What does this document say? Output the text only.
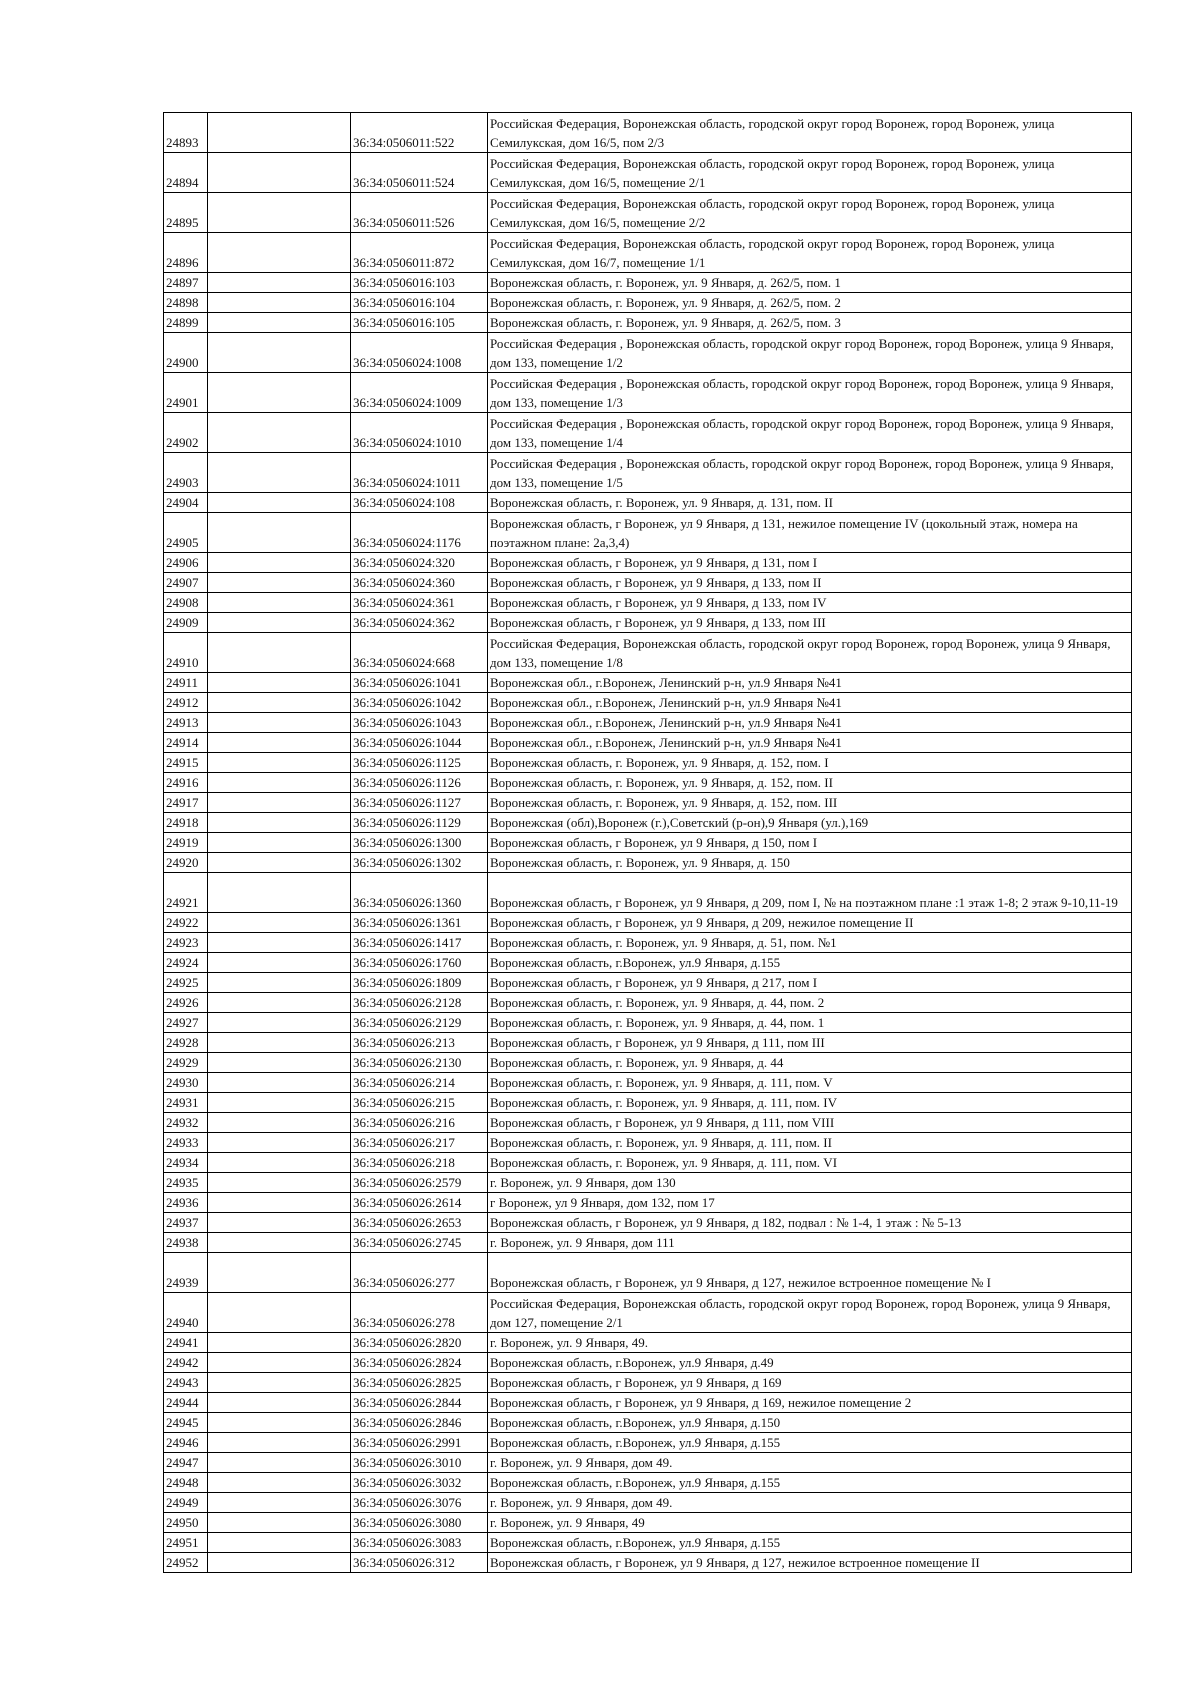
24893		36:34:0506011:522	Российская Федерация, Воронежская область, городской округ город Воронеж, город Воронеж, улица Семилукская, дом 16/5, пом 2/3
24894		36:34:0506011:524	Российская Федерация, Воронежская область, городской округ город Воронеж, город Воронеж, улица Семилукская, дом 16/5, помещение 2/1
24895		36:34:0506011:526	Российская Федерация, Воронежская область, городской округ город Воронеж, город Воронеж, улица Семилукская, дом 16/5, помещение 2/2
24896		36:34:0506011:872	Российская Федерация, Воронежская область, городской округ город Воронеж, город Воронеж, улица Семилукская, дом 16/7, помещение 1/1
24897		36:34:0506016:103	Воронежская область, г. Воронеж, ул. 9 Января, д. 262/5, пом. 1
24898		36:34:0506016:104	Воронежская область, г. Воронеж, ул. 9 Января, д. 262/5, пом. 2
24899		36:34:0506016:105	Воронежская область, г. Воронеж, ул. 9 Января, д. 262/5, пом. 3
24900		36:34:0506024:1008	Российская Федерация , Воронежская область, городской округ город Воронеж, город Воронеж, улица 9 Января, дом 133, помещение 1/2
24901		36:34:0506024:1009	Российская Федерация , Воронежская область, городской округ город Воронеж, город Воронеж, улица 9 Января, дом 133, помещение 1/3
24902		36:34:0506024:1010	Российская Федерация , Воронежская область, городской округ город Воронеж, город Воронеж, улица 9 Января, дом 133, помещение 1/4
24903		36:34:0506024:1011	Российская Федерация , Воронежская область, городской округ город Воронеж, город Воронеж, улица 9 Января, дом 133, помещение 1/5
24904		36:34:0506024:108	Воронежская область, г. Воронеж, ул. 9 Января, д. 131, пом. II
24905		36:34:0506024:1176	Воронежская область, г Воронеж, ул 9 Января, д 131, нежилое помещение IV (цокольный этаж, номера на поэтажном плане: 2а,3,4)
24906		36:34:0506024:320	Воронежская область, г Воронеж, ул 9 Января, д 131, пом I
24907		36:34:0506024:360	Воронежская область, г Воронеж, ул 9 Января, д 133, пом II
24908		36:34:0506024:361	Воронежская область, г Воронеж, ул 9 Января, д 133, пом IV
24909		36:34:0506024:362	Воронежская область, г Воронеж, ул 9 Января, д 133, пом III
24910		36:34:0506024:668	Российская Федерация, Воронежская область, городской округ город Воронеж, город Воронеж, улица 9 Января, дом 133, помещение 1/8
24911		36:34:0506026:1041	Воронежская обл., г.Воронеж, Ленинский р-н, ул.9 Января №41
24912		36:34:0506026:1042	Воронежская обл., г.Воронеж, Ленинский р-н, ул.9 Января №41
24913		36:34:0506026:1043	Воронежская обл., г.Воронеж, Ленинский р-н, ул.9 Января №41
24914		36:34:0506026:1044	Воронежская обл., г.Воронеж, Ленинский р-н, ул.9 Января №41
24915		36:34:0506026:1125	Воронежская область, г. Воронеж, ул. 9 Января, д. 152, пом. I
24916		36:34:0506026:1126	Воронежская область, г. Воронеж, ул. 9 Января, д. 152, пом. II
24917		36:34:0506026:1127	Воронежская область, г. Воронеж, ул. 9 Января, д. 152, пом. III
24918		36:34:0506026:1129	Воронежская (обл),Воронеж (г.),Советский (р-он),9 Января (ул.),169
24919		36:34:0506026:1300	Воронежская область, г Воронеж, ул 9 Января, д 150, пом I
24920		36:34:0506026:1302	Воронежская область, г. Воронеж, ул. 9 Января, д. 150
24921		36:34:0506026:1360	Воронежская область, г Воронеж, ул 9 Января, д 209, пом I, № на поэтажном плане :1 этаж 1-8; 2 этаж 9-10,11-19
24922		36:34:0506026:1361	Воронежская область, г Воронеж, ул 9 Января, д 209, нежилое помещение II
24923		36:34:0506026:1417	Воронежская область, г. Воронеж, ул. 9 Января, д. 51, пом. №1
24924		36:34:0506026:1760	Воронежская область, г.Воронеж, ул.9 Января, д.155
24925		36:34:0506026:1809	Воронежская область, г Воронеж, ул 9 Января, д 217, пом I
24926		36:34:0506026:2128	Воронежская область, г. Воронеж, ул. 9 Января, д. 44, пом. 2
24927		36:34:0506026:2129	Воронежская область, г. Воронеж, ул. 9 Января, д. 44, пом. 1
24928		36:34:0506026:213	Воронежская область, г Воронеж, ул 9 Января, д 111, пом III
24929		36:34:0506026:2130	Воронежская область, г. Воронеж, ул. 9 Января, д. 44
24930		36:34:0506026:214	Воронежская область, г. Воронеж, ул. 9 Января, д. 111, пом. V
24931		36:34:0506026:215	Воронежская область, г. Воронеж, ул. 9 Января, д. 111, пом. IV
24932		36:34:0506026:216	Воронежская область, г Воронеж, ул 9 Января, д 111, пом VIII
24933		36:34:0506026:217	Воронежская область, г. Воронеж, ул. 9 Января, д. 111, пом. II
24934		36:34:0506026:218	Воронежская область, г. Воронеж, ул. 9 Января, д. 111, пом. VI
24935		36:34:0506026:2579	г. Воронеж, ул. 9 Января, дом 130
24936		36:34:0506026:2614	г Воронеж, ул 9 Января, дом 132, пом 17
24937		36:34:0506026:2653	Воронежская область, г Воронеж, ул 9 Января, д 182, подвал : № 1-4, 1 этаж : № 5-13
24938		36:34:0506026:2745	г. Воронеж, ул. 9 Января, дом 111
24939		36:34:0506026:277	Воронежская область, г Воронеж, ул 9 Января, д 127, нежилое встроенное помещение № I
24940		36:34:0506026:278	Российская Федерация, Воронежская область, городской округ город Воронеж, город Воронеж, улица 9 Января, дом 127, помещение 2/1
24941		36:34:0506026:2820	г. Воронеж, ул. 9 Января, 49.
24942		36:34:0506026:2824	Воронежская область, г.Воронеж, ул.9 Января, д.49
24943		36:34:0506026:2825	Воронежская область, г Воронеж, ул 9 Января, д 169
24944		36:34:0506026:2844	Воронежская область, г Воронеж, ул 9 Января, д 169, нежилое помещение 2
24945		36:34:0506026:2846	Воронежская область, г.Воронеж, ул.9 Января, д.150
24946		36:34:0506026:2991	Воронежская область, г.Воронеж, ул.9 Января, д.155
24947		36:34:0506026:3010	г. Воронеж, ул. 9 Января, дом 49.
24948		36:34:0506026:3032	Воронежская область, г.Воронеж, ул.9 Января, д.155
24949		36:34:0506026:3076	г. Воронеж, ул. 9 Января, дом 49.
24950		36:34:0506026:3080	г. Воронеж, ул. 9 Января, 49
24951		36:34:0506026:3083	Воронежская область, г.Воронеж, ул.9 Января, д.155
24952		36:34:0506026:312	Воронежская область, г Воронеж, ул 9 Января, д 127, нежилое встроенное помещение II
